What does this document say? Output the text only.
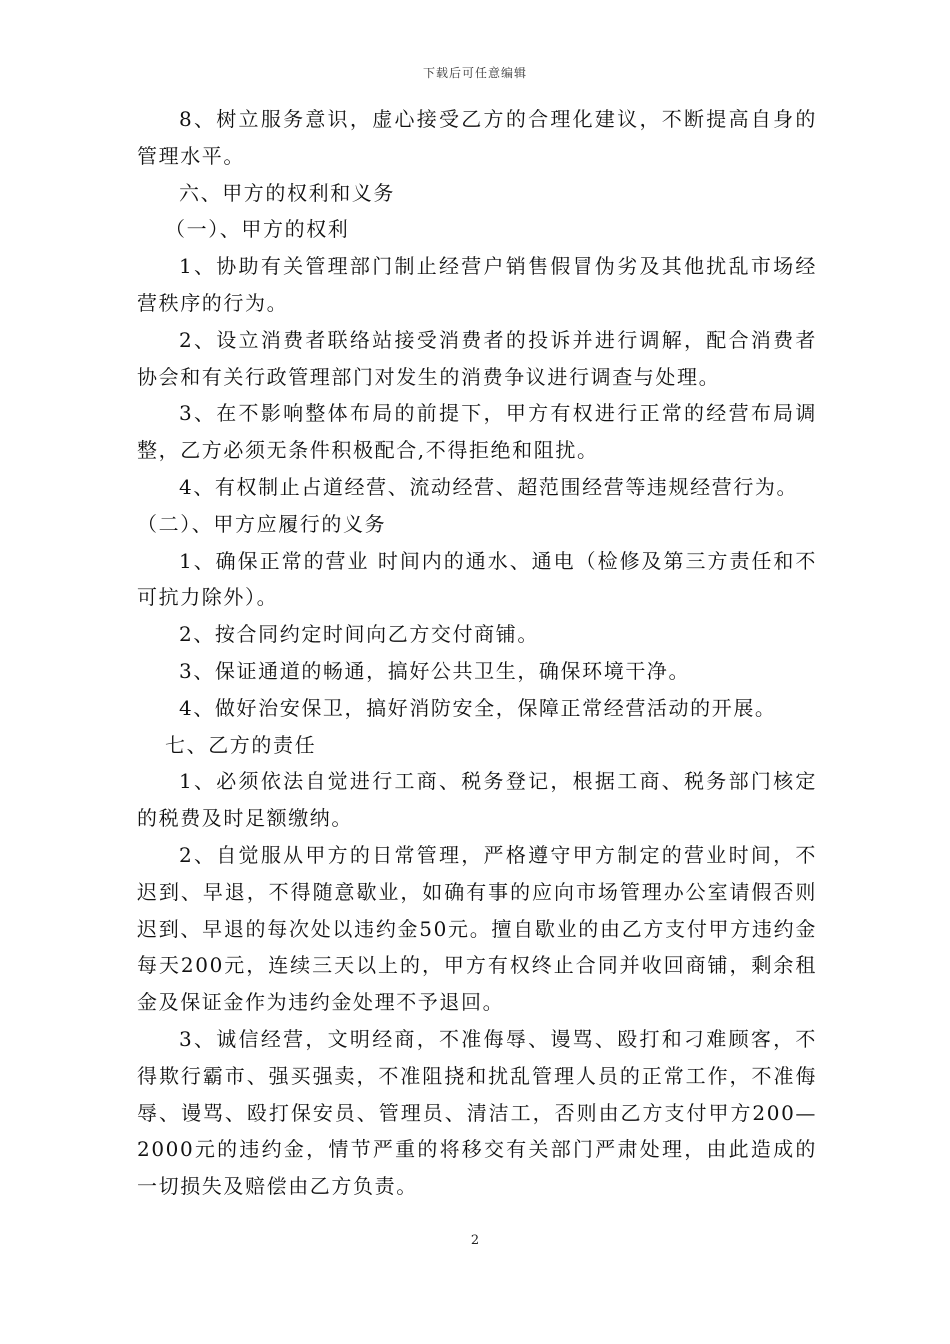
下载后可任意编辑

8、树立服务意识，虚心接受乙方的合理化建议，不断提高自身的管理水平。

六、甲方的权利和义务

（一）、甲方的权利

1、协助有关管理部门制止经营户销售假冒伪劣及其他扰乱市场经营秩序的行为。

2、设立消费者联络站接受消费者的投诉并进行调解，配合消费者协会和有关行政管理部门对发生的消费争议进行调查与处理。

3、在不影响整体布局的前提下，甲方有权进行正常的经营布局调整，乙方必须无条件积极配合,不得拒绝和阻扰。

4、有权制止占道经营、流动经营、超范围经营等违规经营行为。

（二）、甲方应履行的义务

1、确保正常的营业 时间内的通水、通电（检修及第三方责任和不可抗力除外）。

2、按合同约定时间向乙方交付商铺。

3、保证通道的畅通，搞好公共卫生，确保环境干净。

4、做好治安保卫，搞好消防安全，保障正常经营活动的开展。

七、乙方的责任

1、必须依法自觉进行工商、税务登记，根据工商、税务部门核定的税费及时足额缴纳。

2、自觉服从甲方的日常管理，严格遵守甲方制定的营业时间，不迟到、早退，不得随意歇业，如确有事的应向市场管理办公室请假否则迟到、早退的每次处以违约金50元。擅自歇业的由乙方支付甲方违约金每天200元，连续三天以上的，甲方有权终止合同并收回商铺，剩余租金及保证金作为违约金处理不予退回。

3、诚信经营，文明经商，不准侮辱、谩骂、殴打和刁难顾客，不得欺行霸市、强买强卖，不准阻挠和扰乱管理人员的正常工作，不准侮辱、谩骂、殴打保安员、管理员、清洁工，否则由乙方支付甲方200—2000元的违约金，情节严重的将移交有关部门严肃处理，由此造成的一切损失及赔偿由乙方负责。

2
